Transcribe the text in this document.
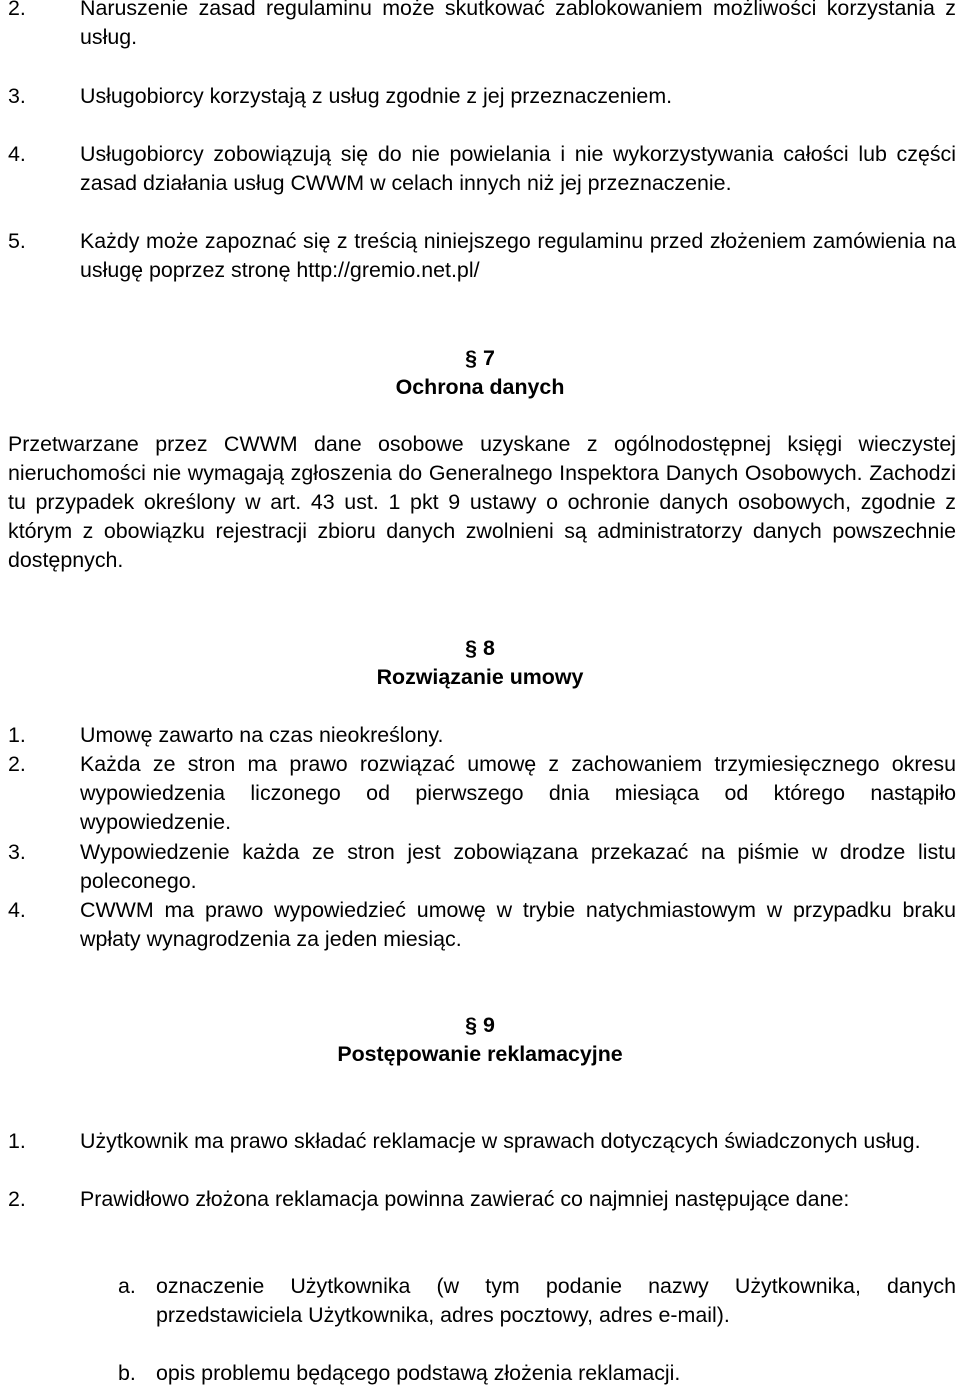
2.	Naruszenie zasad regulaminu może skutkować zablokowaniem możliwości korzystania z usług.
3.	Usługobiorcy korzystają z usług zgodnie z jej przeznaczeniem.
4.	Usługobiorcy zobowiązują się do nie powielania i nie wykorzystywania całości lub części zasad działania usług CWWM w celach innych niż jej przeznaczenie.
5.	Każdy może zapoznać się z treścią niniejszego regulaminu przed złożeniem zamówienia na usługę poprzez stronę http://gremio.net.pl/
§ 7
Ochrona danych
Przetwarzane przez CWWM dane osobowe uzyskane z ogólnodostępnej księgi wieczystej nieruchomości nie wymagają zgłoszenia do Generalnego Inspektora Danych Osobowych. Zachodzi tu przypadek określony w art. 43 ust. 1 pkt 9 ustawy o ochronie danych osobowych, zgodnie z którym z obowiązku rejestracji zbioru danych zwolnieni są administratorzy danych powszechnie dostępnych.
§ 8
Rozwiązanie umowy
1.	Umowę zawarto na czas nieokreślony.
2.	Każda ze stron ma prawo rozwiązać umowę z zachowaniem trzymiesięcznego okresu wypowiedzenia liczonego od pierwszego dnia miesiąca od którego nastąpiło wypowiedzenie.
3.	Wypowiedzenie każda ze stron jest zobowiązana przekazać na piśmie w drodze listu poleconego.
4.	CWWM ma prawo wypowiedzieć umowę w trybie natychmiastowym w przypadku braku wpłaty wynagrodzenia za jeden miesiąc.
§ 9
Postępowanie reklamacyjne
1.	Użytkownik ma prawo składać reklamacje w sprawach dotyczących świadczonych usług.
2.	Prawidłowo złożona reklamacja powinna zawierać co najmniej następujące dane:
a. oznaczenie Użytkownika (w tym podanie nazwy Użytkownika, danych przedstawiciela Użytkownika, adres pocztowy, adres e-mail).
b. opis problemu będącego podstawą złożenia reklamacji.
